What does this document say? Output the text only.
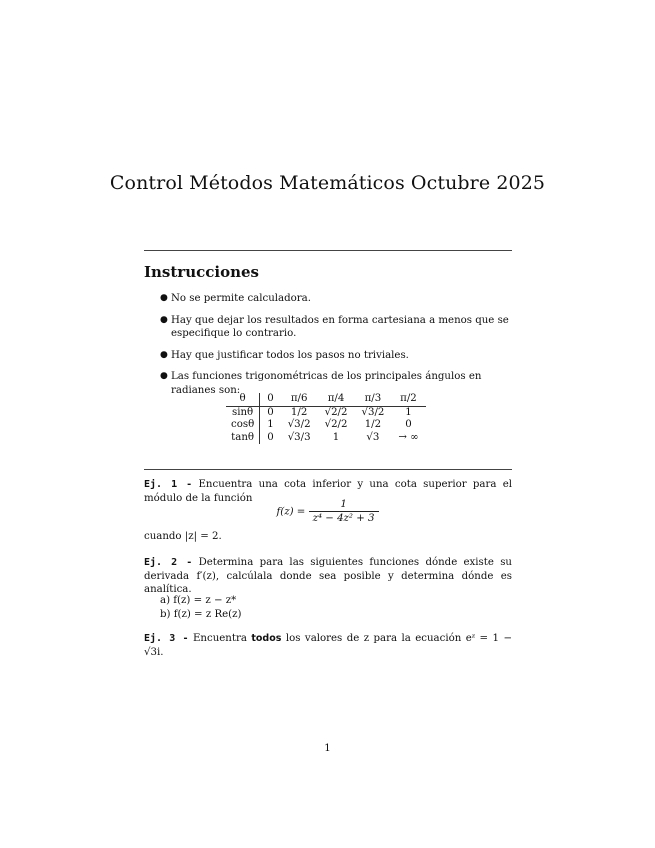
Control Métodos Matemáticos Octubre 2025
Instrucciones
● No se permite calculadora.
● Hay que dejar los resultados en forma cartesiana a menos que se especifique lo contrario.
● Hay que justificar todos los pasos no triviales.
● Las funciones trigonométricas de los principales ángulos en radianes son:
θ	0	π/6	π/4	π/3	π/2
sinθ	0	1/2	√2/2	√3/2	1
cosθ	1	√3/2	√2/2	1/2	0
tanθ	0	√3/3	1	√3	→ ∞
Ej. 1 - Encuentra una cota inferior y una cota superior para el módulo de la función
$f(z) = \frac{1}{\text{z⁴ − 4z² + 3}}$
cuando |z| = 2.
Ej. 2 - Determina para las siguientes funciones dónde existe su derivada f′(z), calcúlala donde sea posible y determina dónde es analítica.
a) f(z) = z − z*
b) f(z) = z Re(z)
Ej. 3 - Encuentra todos los valores de z para la ecuación eᶻ = 1 − √3i.
1
